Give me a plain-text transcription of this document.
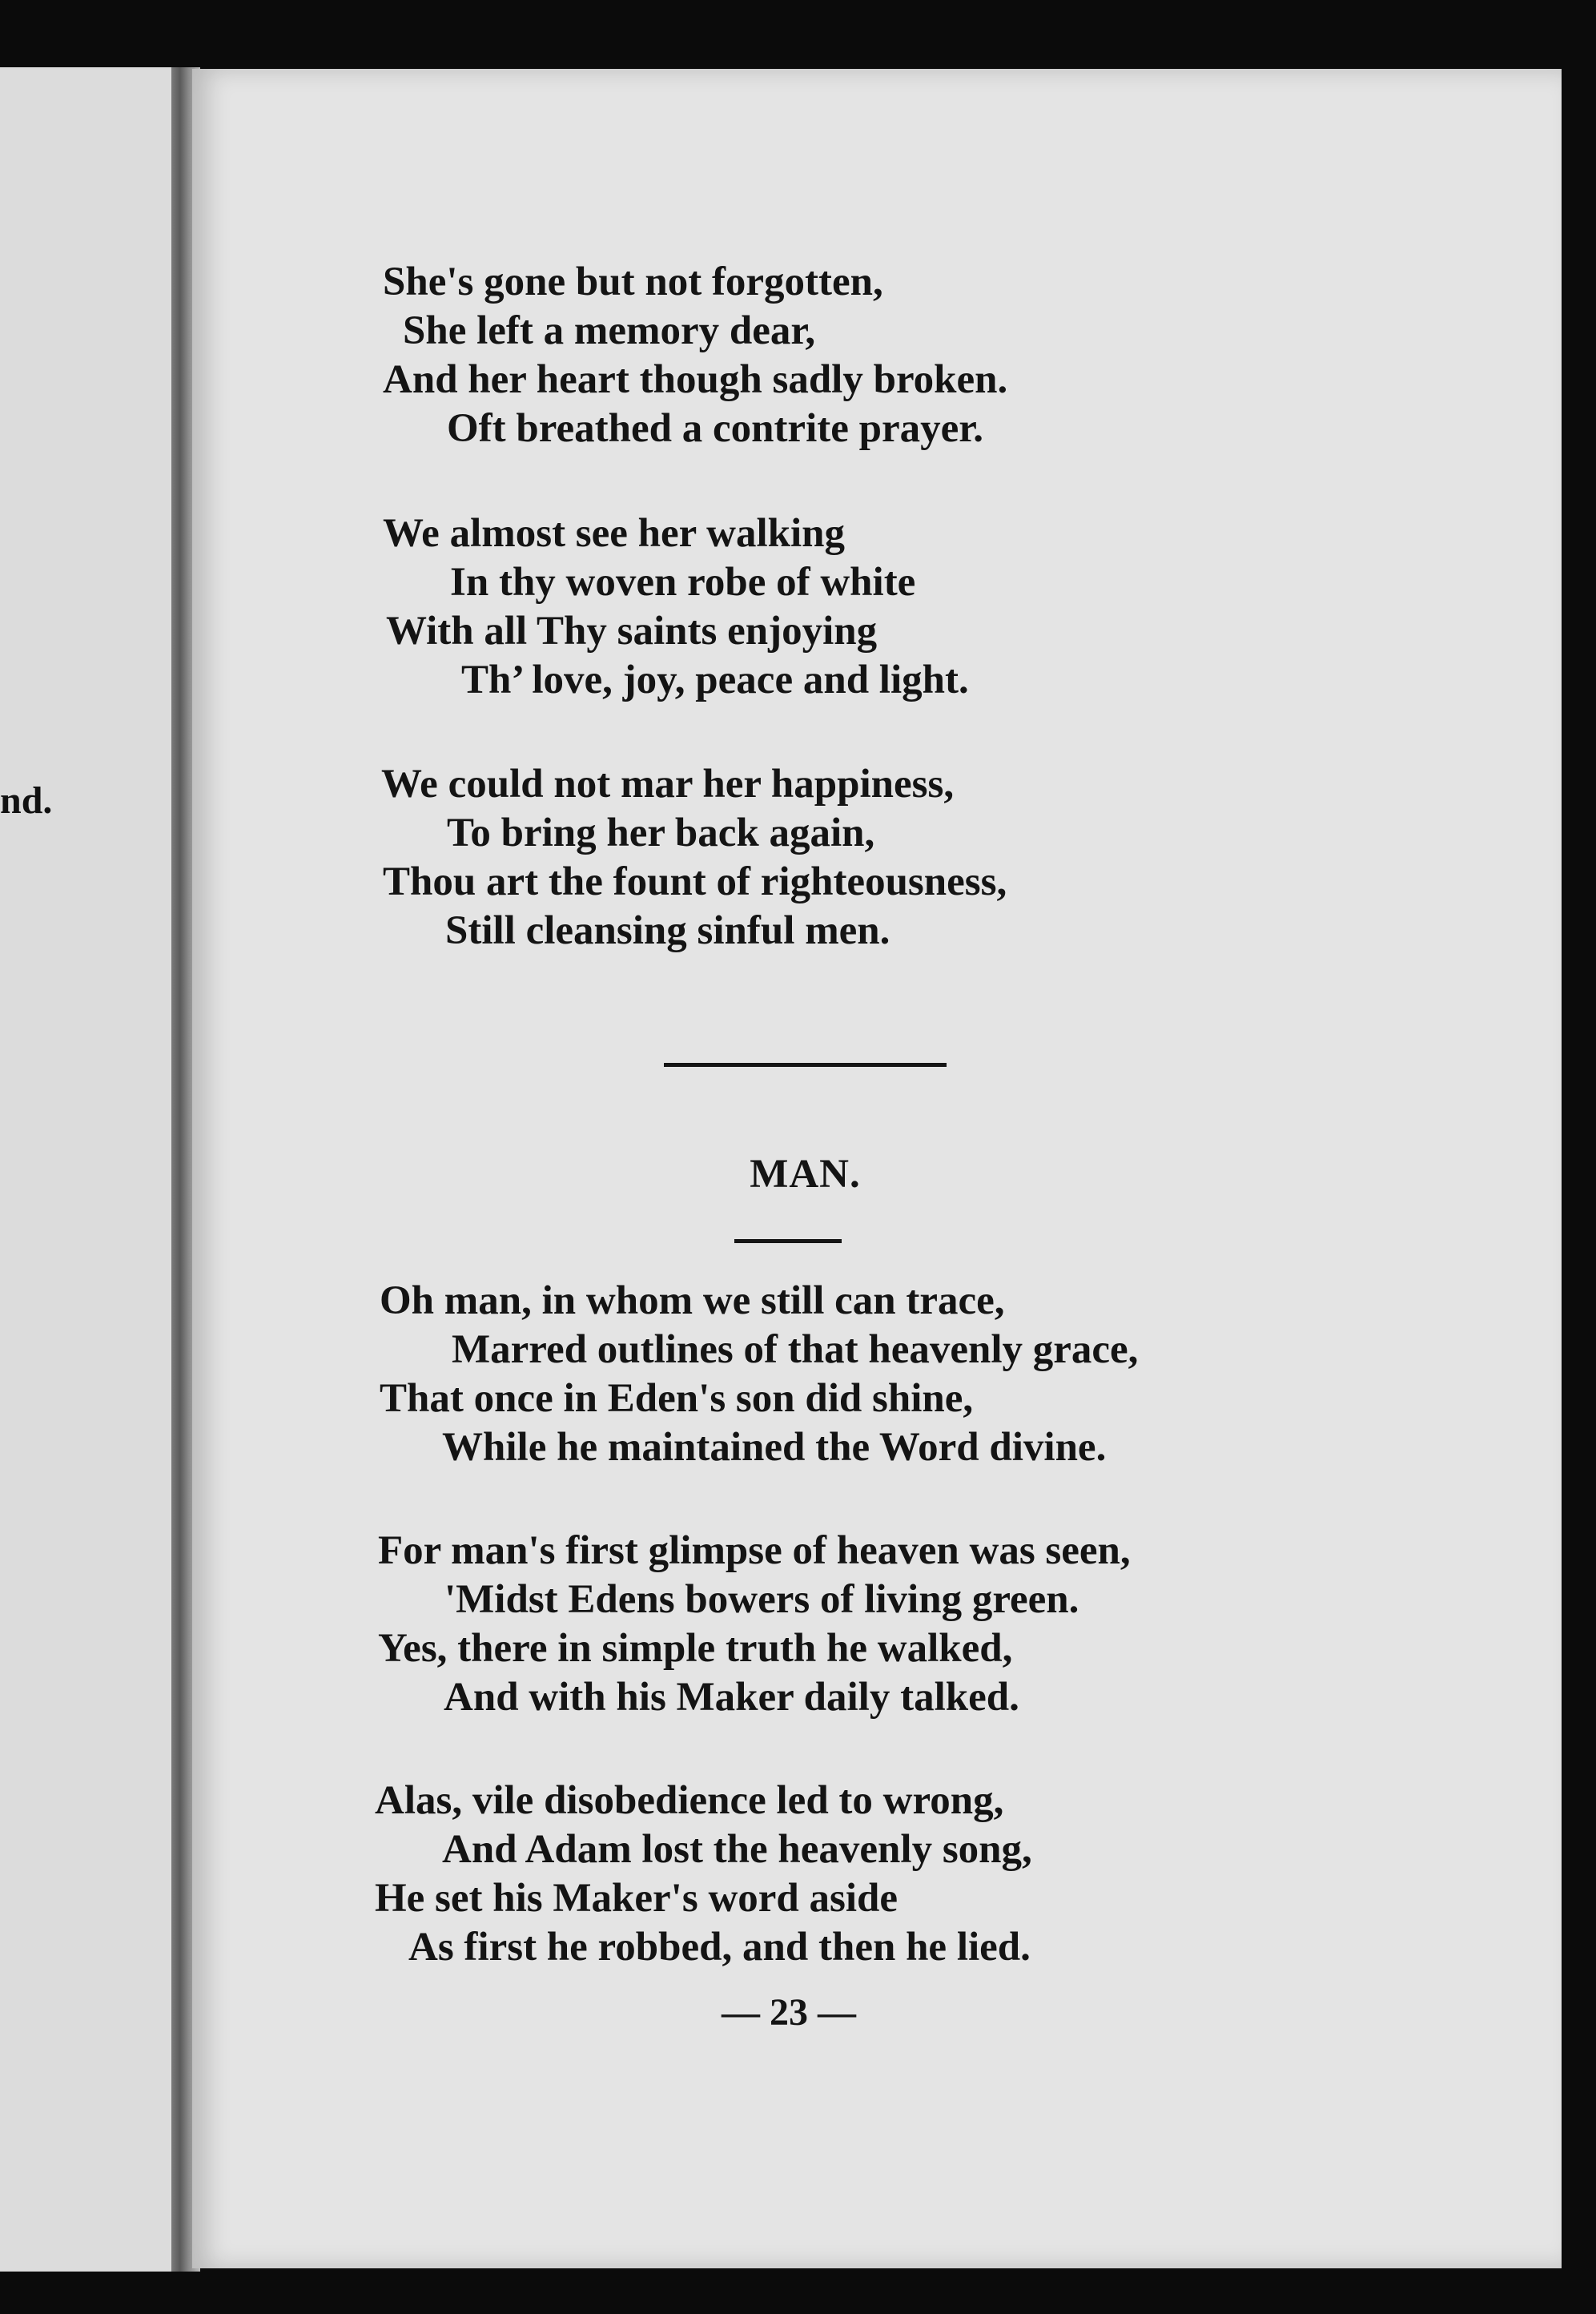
nd.
She's gone but not forgotten,
She left a memory dear,
And her heart though sadly broken.
Oft breathed a contrite prayer.
We almost see her walking
In thy woven robe of white
With all Thy saints enjoying
Th’ love, joy, peace and light.
We could not mar her happiness,
To bring her back again,
Thou art the fount of righteousness,
Still cleansing sinful men.
MAN.
Oh man, in whom we still can trace,
Marred outlines of that heavenly grace,
That once in Eden's son did shine,
While he maintained the Word divine.
For man's first glimpse of heaven was seen,
'Midst Edens bowers of living green.
Yes, there in simple truth he walked,
And with his Maker daily talked.
Alas, vile disobedience led to wrong,
And Adam lost the heavenly song,
He set his Maker's word aside
As first he robbed, and then he lied.
— 23 —
